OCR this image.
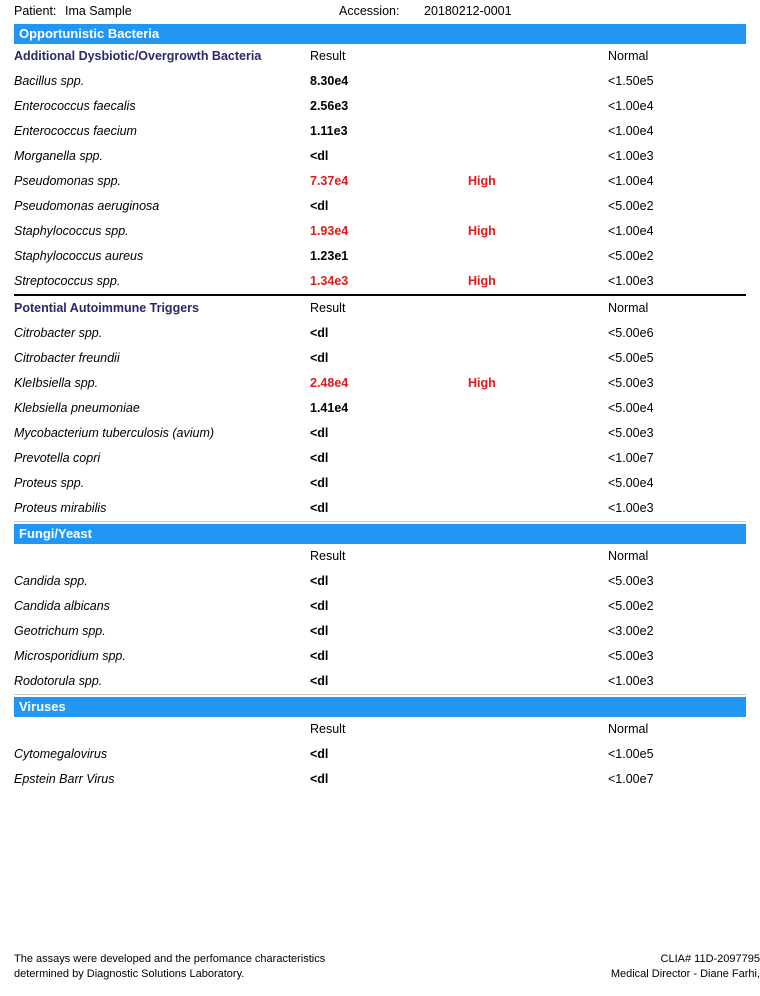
Patient: Ima Sample	Accession: 20180212-0001
Opportunistic Bacteria
Additional Dysbiotic/Overgrowth Bacteria	Result	Normal
Bacillus spp.	8.30e4	<1.50e5
Enterococcus faecalis	2.56e3	<1.00e4
Enterococcus faecium	1.11e3	<1.00e4
Morganella spp.	<dl	<1.00e3
Pseudomonas spp.	7.37e4	High	<1.00e4
Pseudomonas aeruginosa	<dl	<5.00e2
Staphylococcus spp.	1.93e4	High	<1.00e4
Staphylococcus aureus	1.23e1	<5.00e2
Streptococcus spp.	1.34e3	High	<1.00e3
Potential Autoimmune Triggers	Result	Normal
Citrobacter spp.	<dl	<5.00e6
Citrobacter freundii	<dl	<5.00e5
KleIbsiella spp.	2.48e4	High	<5.00e3
Klebsiella pneumoniae	1.41e4	<5.00e4
Mycobacterium tuberculosis (avium)	<dl	<5.00e3
Prevotella copri	<dl	<1.00e7
Proteus spp.	<dl	<5.00e4
Proteus mirabilis	<dl	<1.00e3
Fungi/Yeast
Result	Normal
Candida spp.	<dl	<5.00e3
Candida albicans	<dl	<5.00e2
Geotrichum spp.	<dl	<3.00e2
Microsporidium spp.	<dl	<5.00e3
Rodotorula spp.	<dl	<1.00e3
Viruses
Result	Normal
Cytomegalovirus	<dl	<1.00e5
Epstein Barr Virus	<dl	<1.00e7
The assays were developed and the perfomance characteristics
determined by Diagnostic Solutions Laboratory.
CLIA# 11D-2097795
Medical Director - Diane Farhi,
